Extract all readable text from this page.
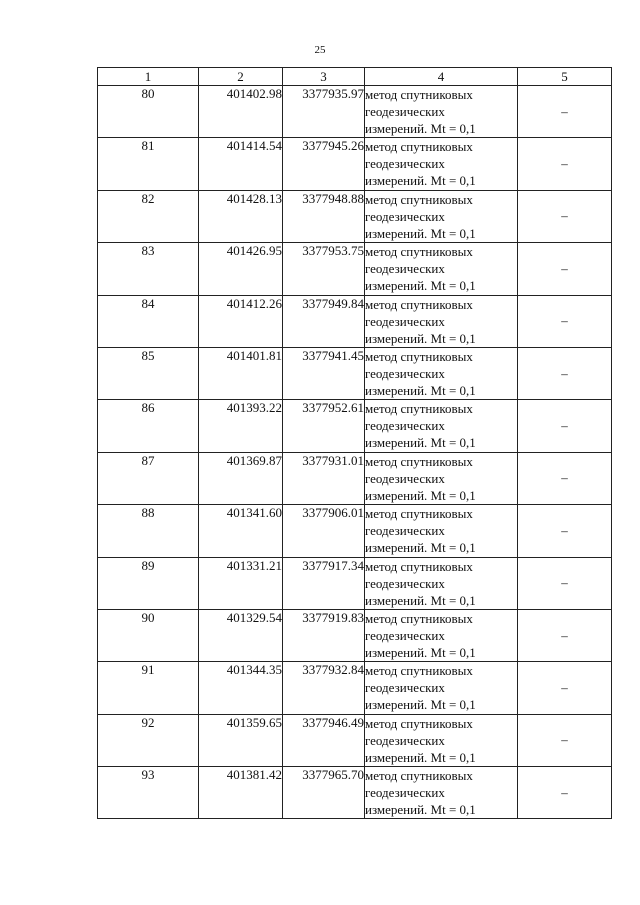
25
1	2	3	4	5
80	401402.98	3377935.97	метод спутниковых
геодезических
измерений. Mt = 0,1	–
81	401414.54	3377945.26	метод спутниковых
геодезических
измерений. Mt = 0,1	–
82	401428.13	3377948.88	метод спутниковых
геодезических
измерений. Mt = 0,1	–
83	401426.95	3377953.75	метод спутниковых
геодезических
измерений. Mt = 0,1	–
84	401412.26	3377949.84	метод спутниковых
геодезических
измерений. Mt = 0,1	–
85	401401.81	3377941.45	метод спутниковых
геодезических
измерений. Mt = 0,1	–
86	401393.22	3377952.61	метод спутниковых
геодезических
измерений. Mt = 0,1	–
87	401369.87	3377931.01	метод спутниковых
геодезических
измерений. Mt = 0,1	–
88	401341.60	3377906.01	метод спутниковых
геодезических
измерений. Mt = 0,1	–
89	401331.21	3377917.34	метод спутниковых
геодезических
измерений. Mt = 0,1	–
90	401329.54	3377919.83	метод спутниковых
геодезических
измерений. Mt = 0,1	–
91	401344.35	3377932.84	метод спутниковых
геодезических
измерений. Mt = 0,1	–
92	401359.65	3377946.49	метод спутниковых
геодезических
измерений. Mt = 0,1	–
93	401381.42	3377965.70	метод спутниковых
геодезических
измерений. Mt = 0,1	–
